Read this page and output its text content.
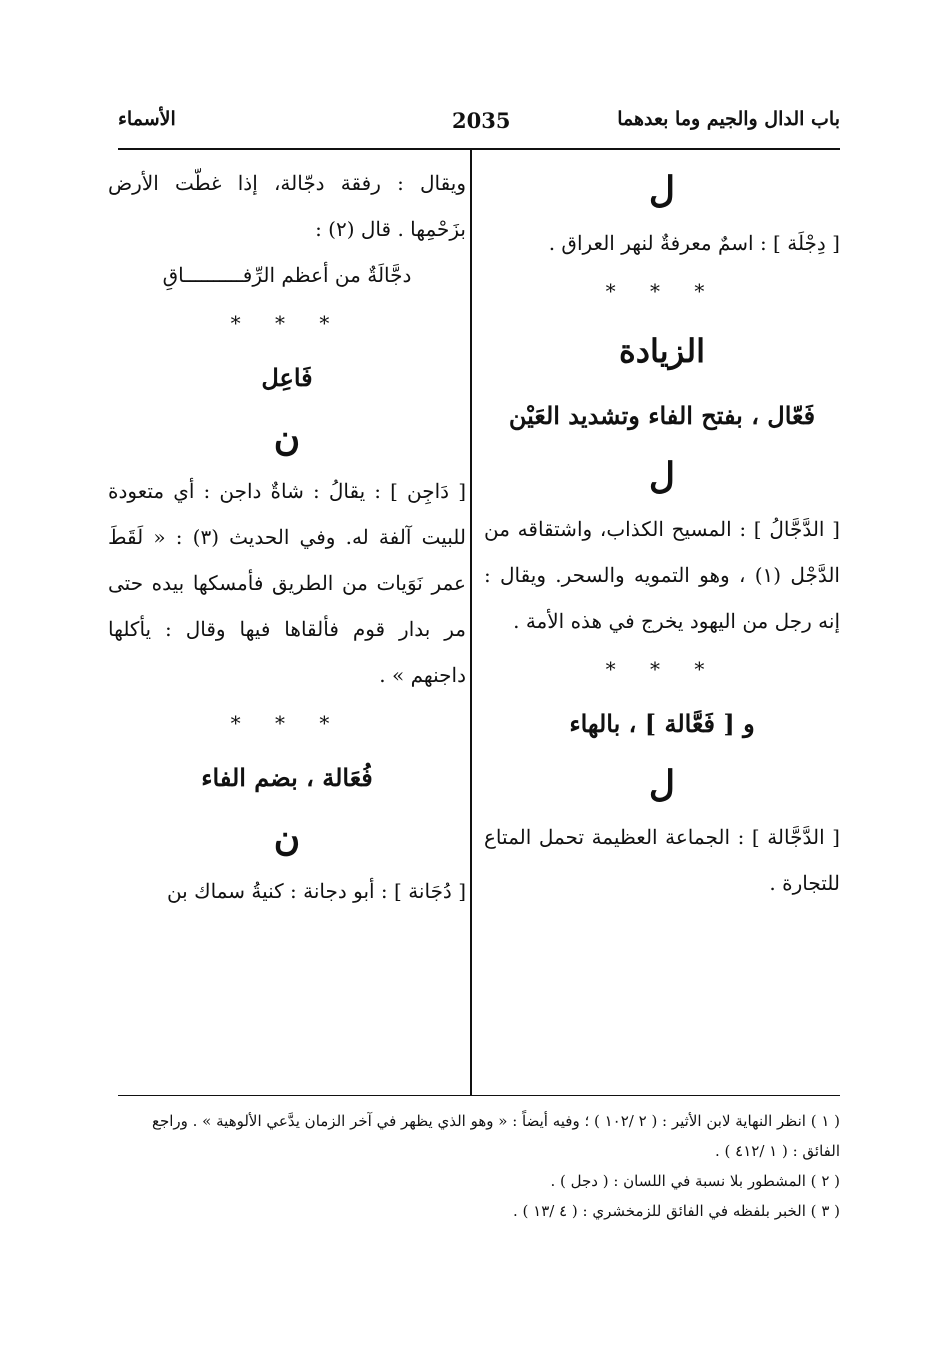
باب الدال والجيم وما بعدهما
2035
الأسماء

ل

[ دِجْلَة ] : اسمٌ معرفةٌ لنهر العراق .

* * *

الزيادة

فَعّال ، بفتح الفاء وتشديد العَيْن

ل

[ الدَّجَّالُ ] : المسيح الكذاب، واشتقاقه من الدَّجْل (١) ، وهو التمويه والسحر. ويقال : إنه رجل من اليهود يخرج في هذه الأمة .

* * *

و [ فَعَّالة ] ، بالهاء

ل

[ الدَّجَّالة ] : الجماعة العظيمة تحمل المتاع للتجارة .

ويقال : رفقة دجّالة، إذا غطّت الأرض بزَحْمِها . قال (٢) :

دجَّالَةٌ من أعظم الرِّفــــــــــاقِ

* * *

فَاعِل

ن

[ دَاجِن ] : يقالُ : شاةٌ داجن : أي متعودة للبيت آلفة له. وفي الحديث (٣) : « لَقَطَ عمر نَوَيات من الطريق فأمسكها بيده حتى مر بدار قوم فألقاها فيها وقال : يأكلها داجنهم » .

* * *

فُعَالة ، بضم الفاء

ن

[ دُجَانة ] : أبو دجانة : كنيةُ سماك بن

( ١ ) انظر النهاية لابن الأثير : ( ٢ /١٠٢ ) ؛ وفيه أيضاً : « وهو الذي يظهر في آخر الزمان يدَّعي الألوهية » . وراجع الفائق : ( ١ /٤١٢ ) .

( ٢ ) المشطور بلا نسبة في اللسان : ( دجل ) .

( ٣ ) الخبر بلفظه في الفائق للزمخشري : ( ٤ /١٣ ) .
